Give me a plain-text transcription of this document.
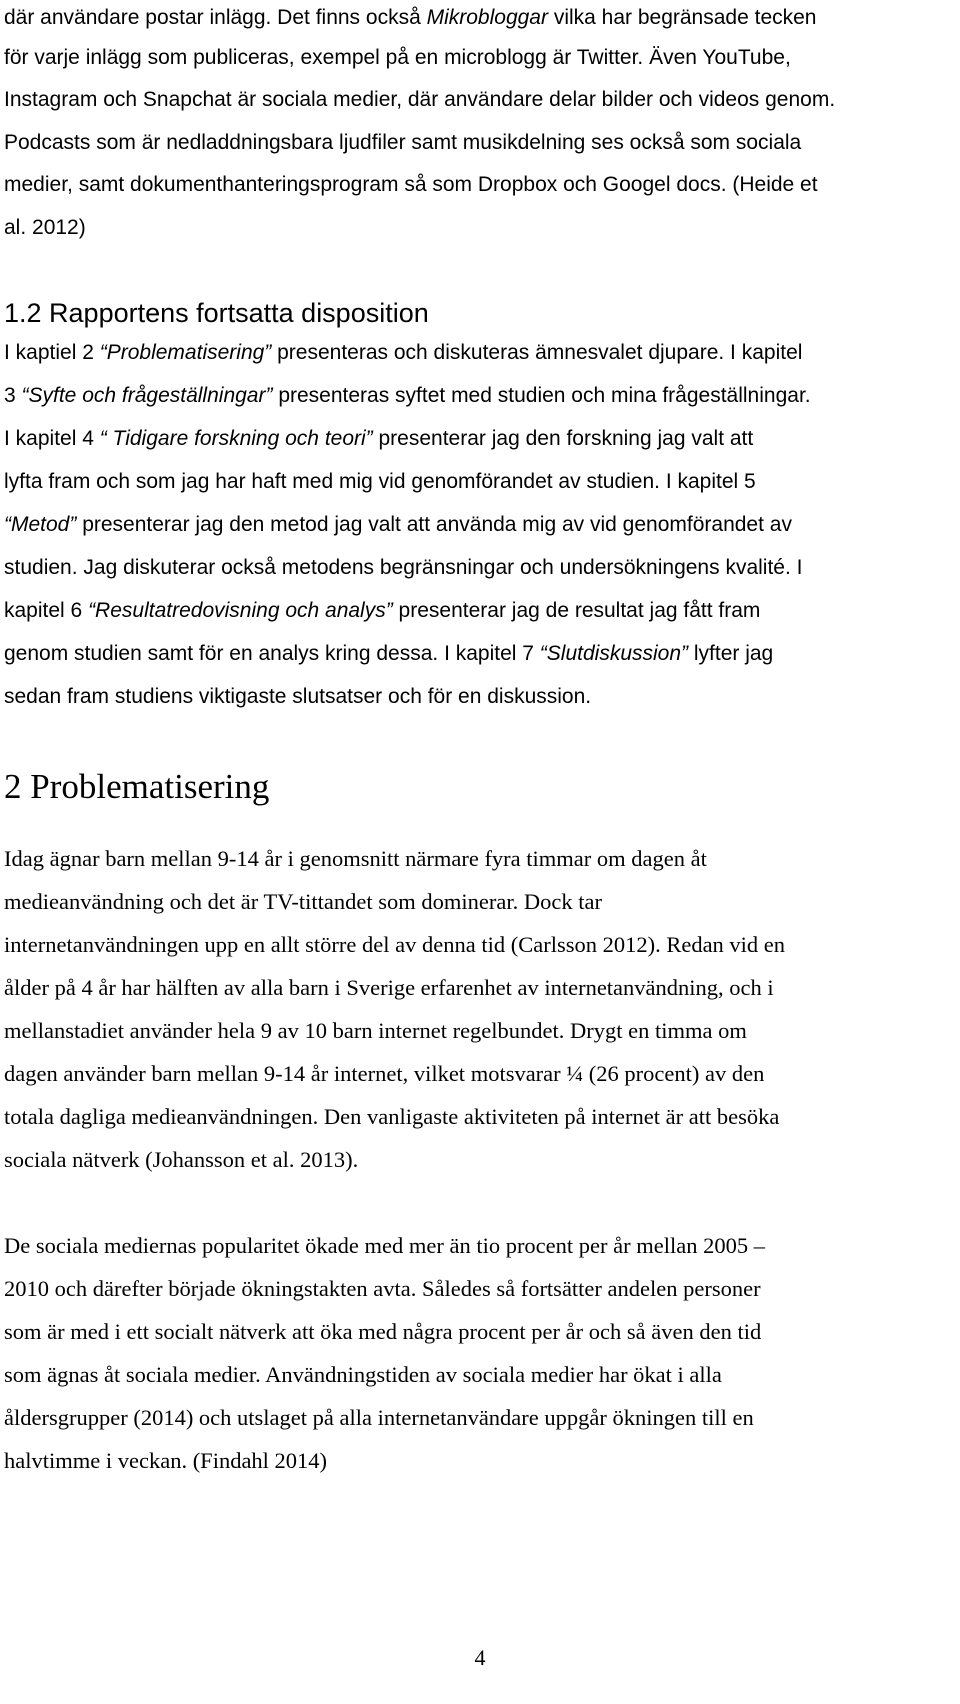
där användare postar inlägg. Det finns också Mikrobloggar vilka har begränsade tecken
för varje inlägg som publiceras, exempel på en microblogg är Twitter. Även YouTube,
Instagram och Snapchat är sociala medier, där användare delar bilder och videos genom.
Podcasts som är nedladdningsbara ljudfiler samt musikdelning ses också som sociala
medier, samt dokumenthanteringsprogram så som Dropbox och Googel docs. (Heide et
al. 2012)
1.2 Rapportens fortsatta disposition
I kaptiel 2 “Problematisering” presenteras och diskuteras ämnesvalet djupare. I kapitel
3 “Syfte och frågeställningar” presenteras syftet med studien och mina frågeställningar.
I kapitel 4 “ Tidigare forskning och teori” presenterar jag den forskning jag valt att
lyfta fram och som jag har haft med mig vid genomförandet av studien. I kapitel 5
“Metod” presenterar jag den metod jag valt att använda mig av vid genomförandet av
studien. Jag diskuterar också metodens begränsningar och undersökningens kvalité. I
kapitel 6 “Resultatredovisning och analys” presenterar jag de resultat jag fått fram
genom studien samt för en analys kring dessa. I kapitel 7 “Slutdiskussion” lyfter jag
sedan fram studiens viktigaste slutsatser och för en diskussion.
2 Problematisering
Idag ägnar barn mellan 9-14 år i genomsnitt närmare fyra timmar om dagen åt
medieanvändning och det är TV-tittandet som dominerar. Dock tar
internetanvändningen upp en allt större del av denna tid (Carlsson 2012). Redan vid en
ålder på 4 år har hälften av alla barn i Sverige erfarenhet av internetanvändning, och i
mellanstadiet använder hela 9 av 10 barn internet regelbundet. Drygt en timma om
dagen använder barn mellan 9-14 år internet, vilket motsvarar ¼ (26 procent) av den
totala dagliga medieanvändningen. Den vanligaste aktiviteten på internet är att besöka
sociala nätverk (Johansson et al. 2013).
De sociala mediernas popularitet ökade med mer än tio procent per år mellan 2005 –
2010 och därefter började ökningstakten avta. Således så fortsätter andelen personer
som är med i ett socialt nätverk att öka med några procent per år och så även den tid
som ägnas åt sociala medier. Användningstiden av sociala medier har ökat i alla
åldersgrupper (2014) och utslaget på alla internetanvändare uppgår ökningen till en
halvtimme i veckan. (Findahl 2014)
4
